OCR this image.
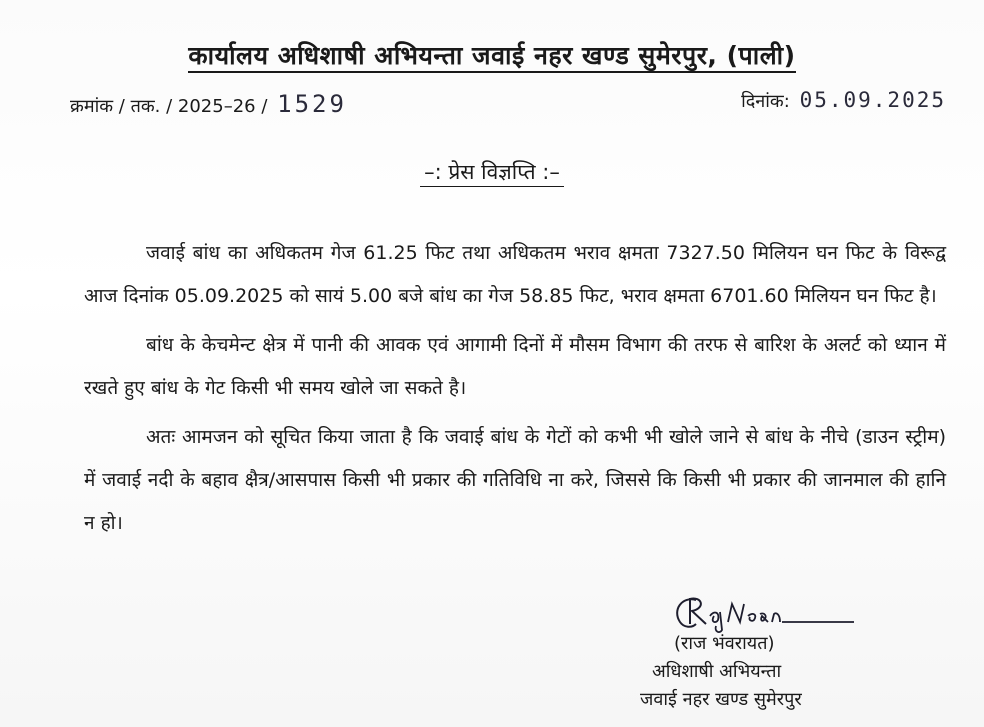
कार्यालय अधिशाषी अभियन्ता जवाई नहर खण्ड सुमेरपुर, (पाली)
क्रमांक / तक. / 2025–26 / 1529	दिनांक: 05.09.2025
–: प्रेस विज्ञप्ति :–

जवाई बांध का अधिकतम गेज 61.25 फिट तथा अधिकतम भराव क्षमता 7327.50 मिलियन घन फिट के विरूद्व आज दिनांक 05.09.2025 को सायं 5.00 बजे बांध का गेज 58.85 फिट, भराव क्षमता 6701.60 मिलियन घन फिट है।

बांध के केचमेन्ट क्षेत्र में पानी की आवक एवं आगामी दिनों में मौसम विभाग की तरफ से बारिश के अलर्ट को ध्यान में रखते हुए बांध के गेट किसी भी समय खोले जा सकते है।

अतः आमजन को सूचित किया जाता है कि जवाई बांध के गेटों को कभी भी खोले जाने से बांध के नीचे (डाउन स्ट्रीम) में जवाई नदी के बहाव क्षैत्र/आसपास किसी भी प्रकार की गतिविधि ना करे, जिससे कि किसी भी प्रकार की जानमाल की हानि न हो।

(राज भंवरायत)
अधिशाषी अभियन्ता
जवाई नहर खण्ड सुमेरपुर
